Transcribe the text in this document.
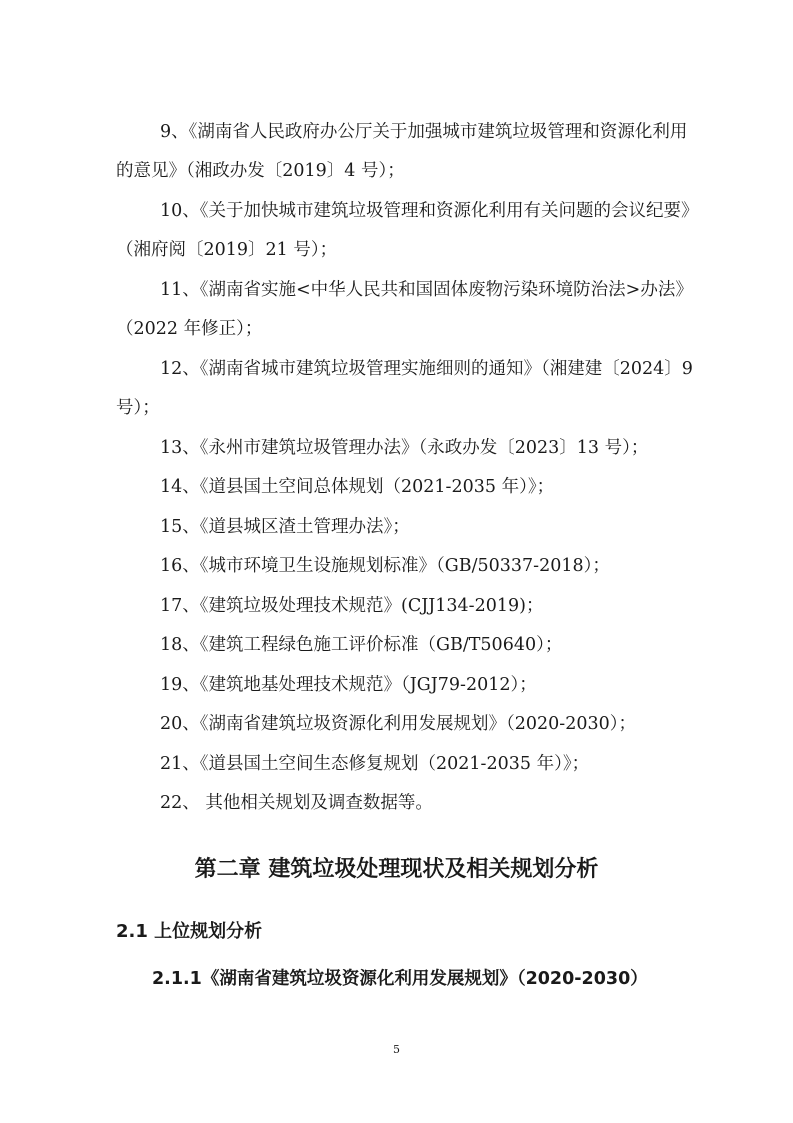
9、《湖南省人民政府办公厅关于加强城市建筑垃圾管理和资源化利用
的意见》（湘政办发〔2019〕4 号）；
10、《关于加快城市建筑垃圾管理和资源化利用有关问题的会议纪要》
（湘府阅〔2019〕21 号）；
11、《湖南省实施<中华人民共和国固体废物污染环境防治法>办法》
（2022 年修正）；
12、《湖南省城市建筑垃圾管理实施细则的通知》（湘建建〔2024〕9
号）；
13、《永州市建筑垃圾管理办法》（永政办发〔2023〕13 号）；
14、《道县国土空间总体规划（2021-2035 年）》；
15、《道县城区渣土管理办法》；
16、《城市环境卫生设施规划标准》（GB/50337-2018）；
17、《建筑垃圾处理技术规范》(CJJ134-2019)；
18、《建筑工程绿色施工评价标准（GB/T50640）；
19、《建筑地基处理技术规范》（JGJ79-2012）；
20、《湖南省建筑垃圾资源化利用发展规划》（2020-2030）；
21、《道县国土空间生态修复规划（2021-2035 年）》；
22、 其他相关规划及调查数据等。
第二章 建筑垃圾处理现状及相关规划分析
2.1 上位规划分析
2.1.1《湖南省建筑垃圾资源化利用发展规划》（2020-2030）
5
